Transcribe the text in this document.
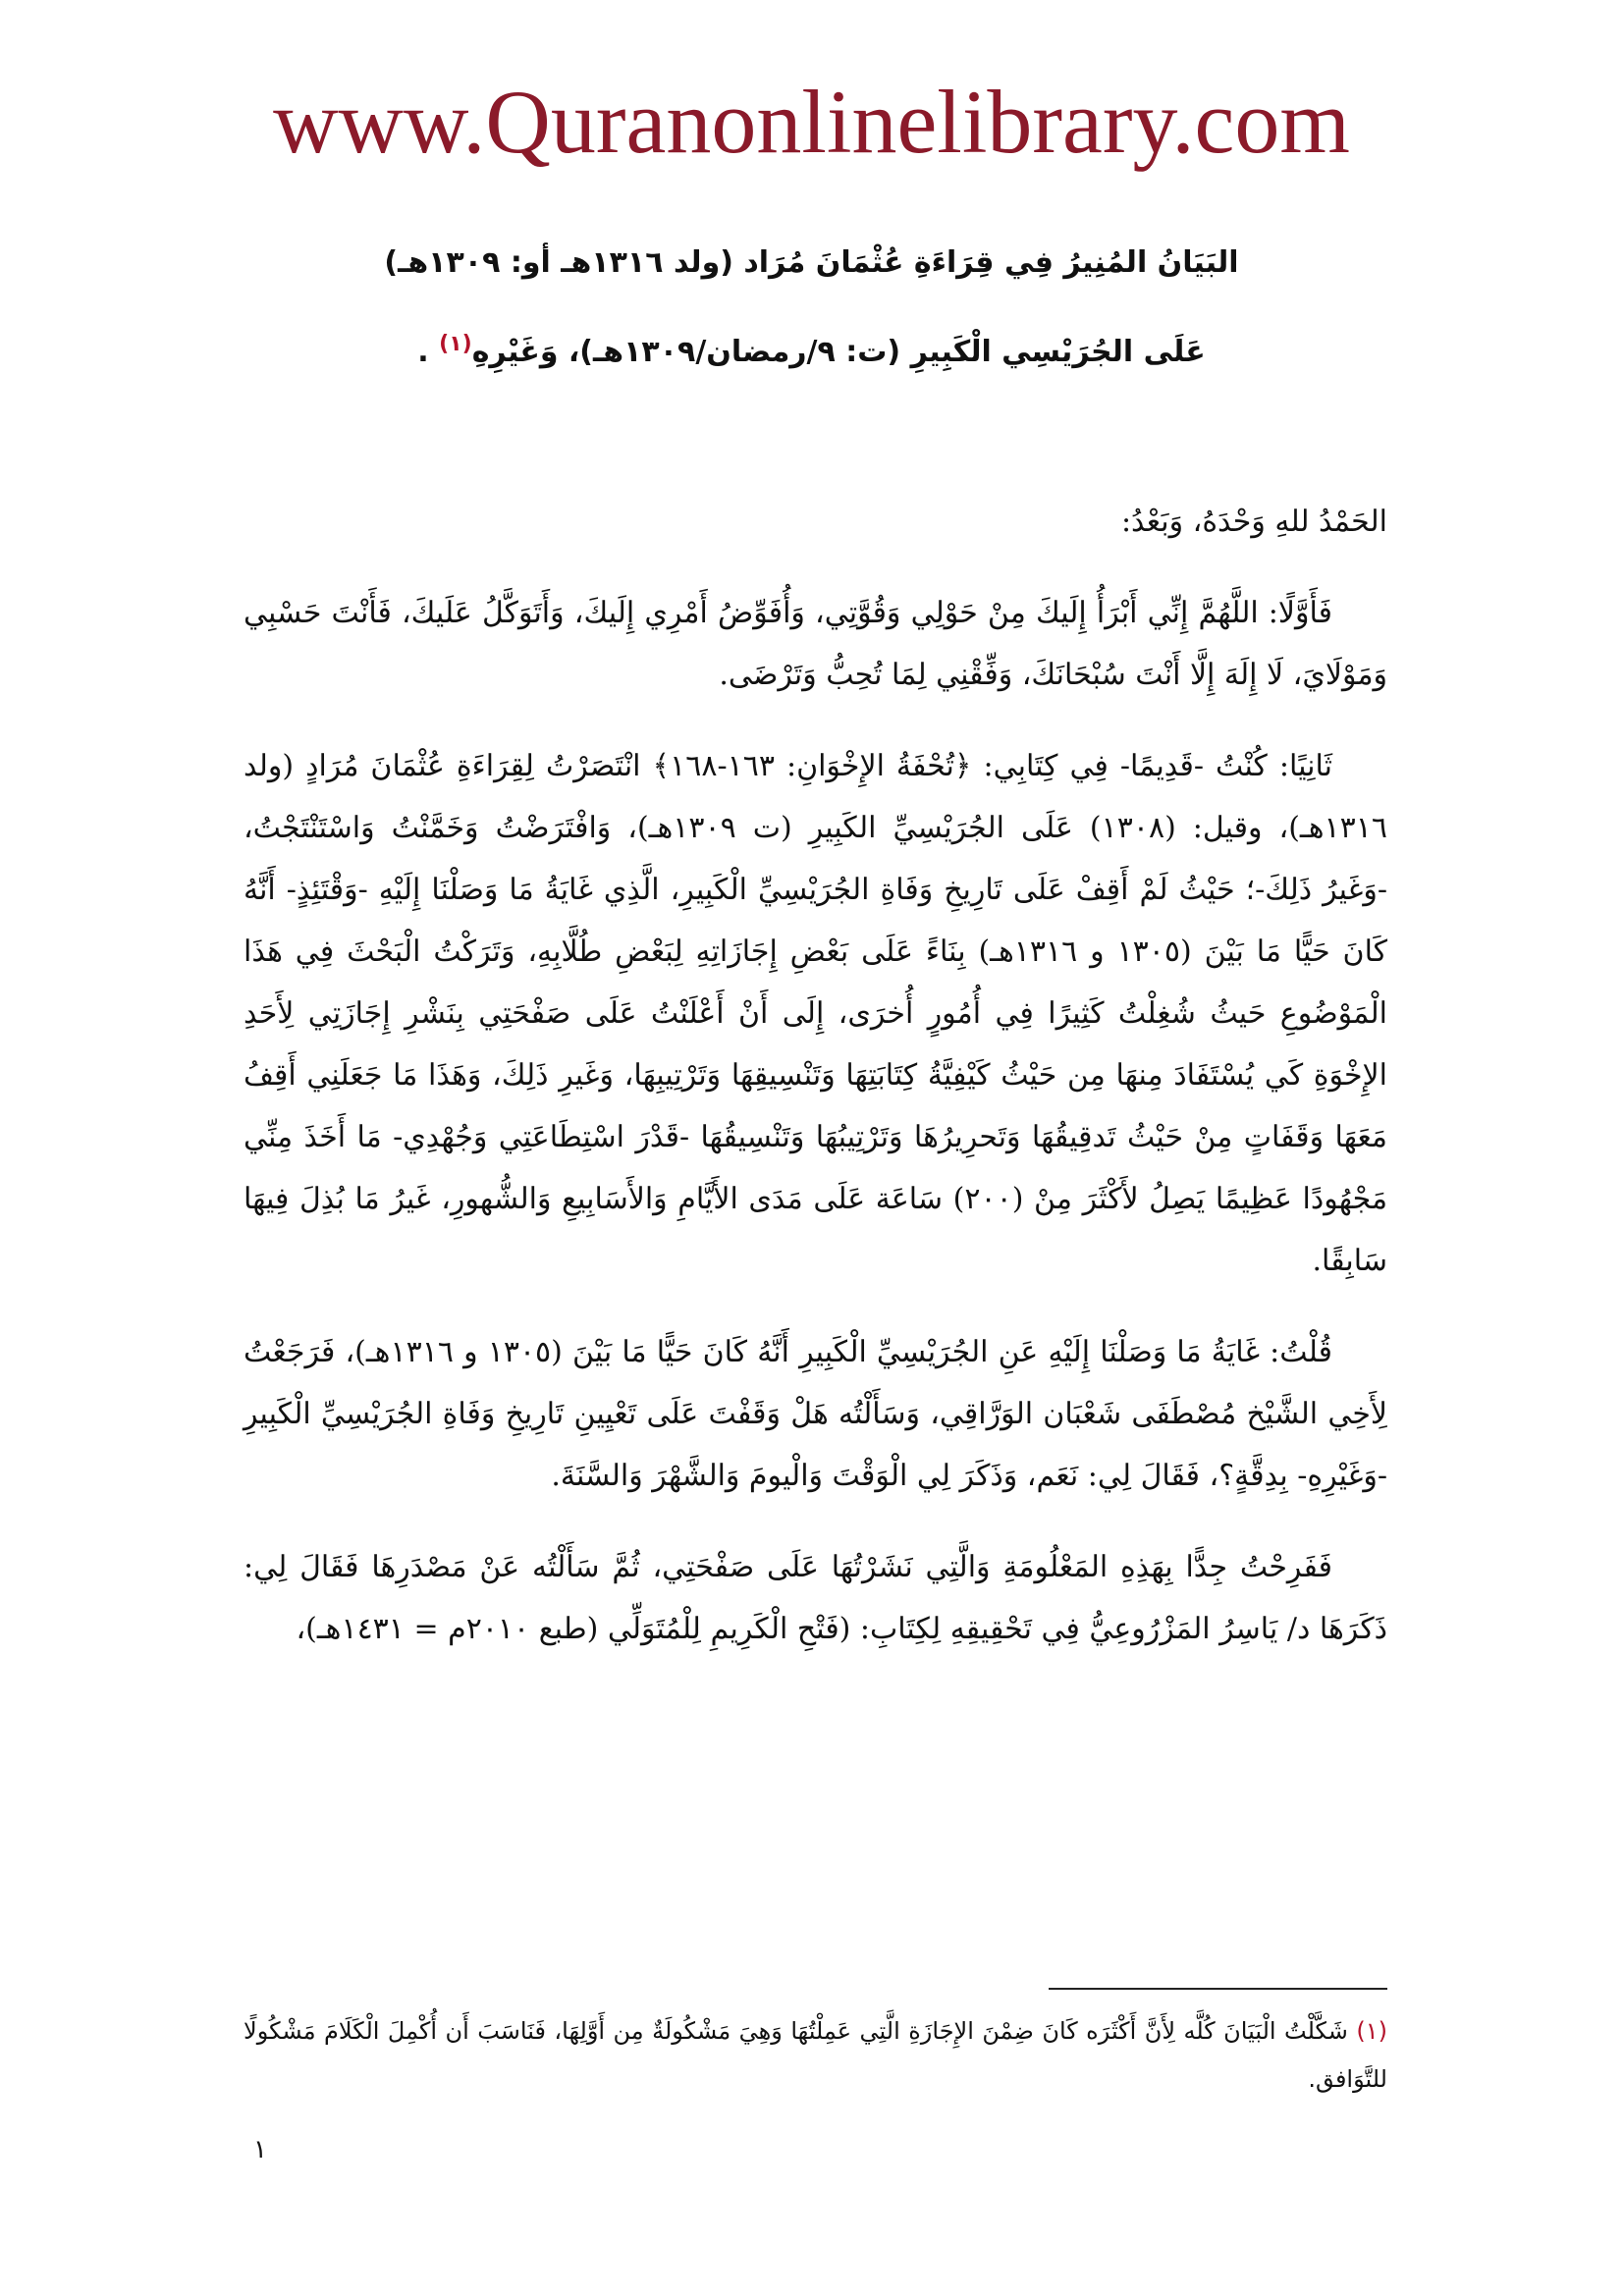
www.Quranonlinelibrary.com
البَيَانُ المُنِيرُ فِي قِرَاءَةِ عُثْمَانَ مُرَاد (ولد ١٣١٦هـ أو: ١٣٠٩هـ)
عَلَى الجُرَيْسِي الْكَبِيرِ (ت: ٩/رمضان/١٣٠٩هـ)، وَغَيْرِهِ$^{(١)}$ .

الحَمْدُ للهِ وَحْدَهُ، وَبَعْدُ:

فَأَوَّلًا: اللَّهُمَّ إِنِّي أَبْرَأُ إِلَيكَ مِنْ حَوْلِي وَقُوَّتِي، وَأُفَوِّضُ أَمْرِي إِلَيكَ، وَأَتَوَكَّلُ عَلَيكَ، فَأَنْتَ حَسْبِي وَمَوْلَايَ، لَا إِلَهَ إِلَّا أَنْتَ سُبْحَانَكَ، وَفِّقْنِي لِمَا تُحِبُّ وَتَرْضَى.

ثَانِيًا: كُنْتُ -قَدِيمًا- فِي كِتَابِي: ﴿تُحْفَةُ الإِخْوَانِ: ١٦٣-١٦٨﴾ انْتَصَرْتُ لِقِرَاءَةِ عُثْمَانَ مُرَادٍ (ولد ١٣١٦هـ)، وقيل: (١٣٠٨) عَلَى الجُرَيْسِيِّ الكَبِيرِ (ت ١٣٠٩هـ)، وَافْتَرَضْتُ وَخَمَّنْتُ وَاسْتَنْتَجْتُ، -وَغَيرُ ذَلِكَ-؛ حَيْثُ لَمْ أَقِفْ عَلَى تَارِيخِ وَفَاةِ الجُرَيْسِيِّ الْكَبِيرِ، الَّذِي غَايَةُ مَا وَصَلْنَا إِلَيْهِ -وَقْتَئِذٍ- أَنَّهُ كَانَ حَيًّا مَا بَيْنَ (١٣٠٥ و ١٣١٦هـ) بِنَاءً عَلَى بَعْضِ إِجَازَاتِهِ لِبَعْضِ طُلَّابِهِ، وَتَرَكْتُ الْبَحْثَ فِي هَذَا الْمَوْضُوعِ حَيثُ شُغِلْتُ كَثِيرًا فِي أُمُورٍ أُخرَى، إِلَى أَنْ أَعْلَنْتُ عَلَى صَفْحَتِي بِنَشْرِ إِجَازَتِي لِأَحَدِ الإِخْوَةِ كَي يُسْتَفَادَ مِنهَا مِن حَيْثُ كَيْفِيَّةُ كِتَابَتِهَا وَتَنْسِيقِهَا وَتَرْتِيبِهَا، وَغَيرِ ذَلِكَ، وَهَذَا مَا جَعَلَنِي أَقِفُ مَعَهَا وَقَفَاتٍ مِنْ حَيْثُ تَدقِيقُهَا وَتَحرِيرُهَا وَتَرْتِيبُهَا وَتَنْسِيقُهَا -قَدْرَ اسْتِطَاعَتِي وَجُهْدِي- مَا أَخَذَ مِنِّي مَجْهُودًا عَظِيمًا يَصِلُ لأَكْثَرَ مِنْ (٢٠٠) سَاعَة عَلَى مَدَى الأَيَّامِ وَالأَسَابِيعِ وَالشُّهورِ، غَيرُ مَا بُذِلَ فِيهَا سَابِقًا.

قُلْتُ: غَايَةُ مَا وَصَلْنَا إِلَيْهِ عَنِ الجُرَيْسِيِّ الْكَبِيرِ أَنَّهُ كَانَ حَيًّا مَا بَيْنَ (١٣٠٥ و ١٣١٦هـ)، فَرَجَعْتُ لِأَخِي الشَّيْخ مُصْطَفَى شَعْبَان الوَرَّاقِي، وَسَأَلْتُه هَلْ وَقَفْتَ عَلَى تَعْيِينِ تَارِيخِ وَفَاةِ الجُرَيْسِيِّ الْكَبِيرِ -وَغَيْرِهِ- بِدِقَّةٍ؟، فَقَالَ لِي: نَعَم، وَذَكَرَ لِي الْوَقْتَ وَالْيومَ وَالشَّهْرَ وَالسَّنَةَ.

فَفَرِحْتُ جِدًّا بِهَذِهِ المَعْلُومَةِ وَالَّتِي نَشَرْتُهَا عَلَى صَفْحَتِي، ثُمَّ سَأَلْتُه عَنْ مَصْدَرِهَا فَقَالَ لِي: ذَكَرَهَا د/ يَاسِرُ المَزْرُوعِيُّ فِي تَحْقِيقِهِ لِكِتَابِ: (فَتْحِ الْكَرِيمِ لِلْمُتَوَلِّي (طبع ٢٠١٠م = ١٤٣١هـ)،

(١) شَكَّلْتُ الْبَيَانَ كُلَّه لِأَنَّ أَكْثَرَه كَانَ ضِمْنَ الإِجَازَةِ الَّتِي عَمِلْتُهَا وَهِيَ مَشْكُولَةٌ مِن أَوَّلِهَا، فَنَاسَبَ أَن أُكْمِلَ الْكَلَامَ مَشْكُولًا للتَّوَافق.
١
